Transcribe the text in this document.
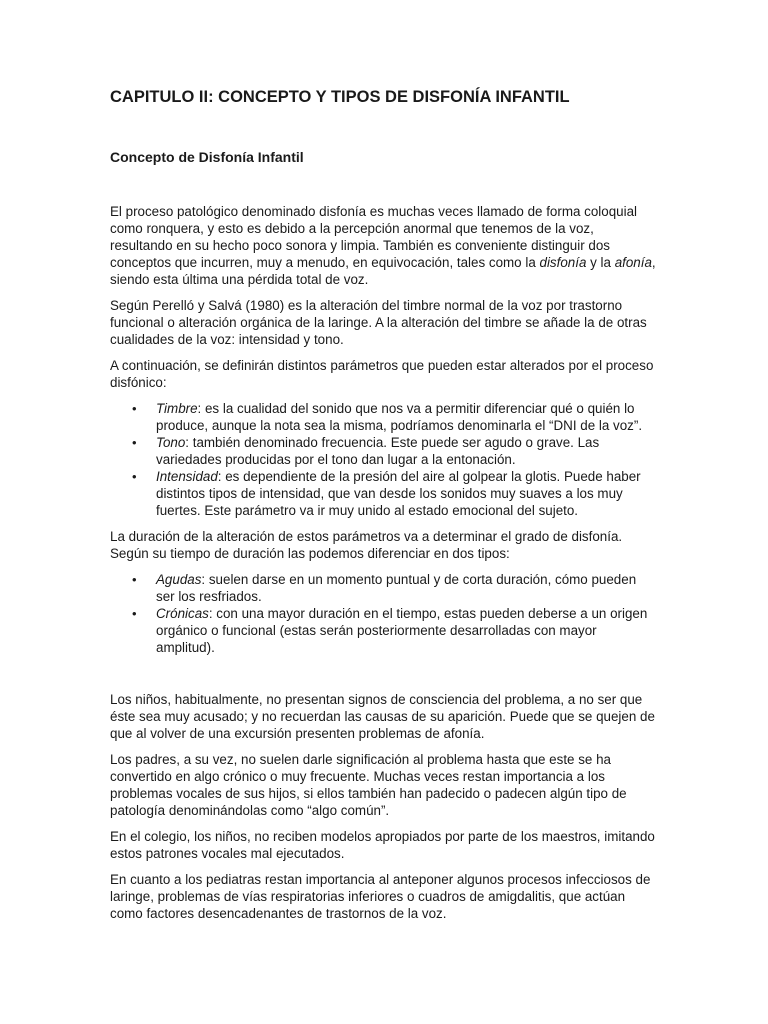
CAPITULO II: CONCEPTO Y TIPOS DE DISFONÍA INFANTIL
Concepto de Disfonía Infantil

El proceso patológico denominado disfonía es muchas veces llamado de forma coloquial como ronquera, y esto es debido a la percepción anormal que tenemos de la voz, resultando en su hecho poco sonora y limpia. También es conveniente distinguir dos conceptos que incurren, muy a menudo, en equivocación, tales como la disfonía y la afonía, siendo esta última una pérdida total de voz.

Según Perelló y Salvá (1980) es la alteración del timbre normal de la voz por trastorno funcional o alteración orgánica de la laringe. A la alteración del timbre se añade la de otras cualidades de la voz: intensidad y tono.

A continuación, se definirán distintos parámetros que pueden estar alterados por el proceso disfónico:

• Timbre: es la cualidad del sonido que nos va a permitir diferenciar qué o quién lo produce, aunque la nota sea la misma, podríamos denominarla el “DNI de la voz”.
• Tono: también denominado frecuencia. Este puede ser agudo o grave. Las variedades producidas por el tono dan lugar a la entonación.
• Intensidad: es dependiente de la presión del aire al golpear la glotis. Puede haber distintos tipos de intensidad, que van desde los sonidos muy suaves a los muy fuertes. Este parámetro va ir muy unido al estado emocional del sujeto.

La duración de la alteración de estos parámetros va a determinar el grado de disfonía. Según su tiempo de duración las podemos diferenciar en dos tipos:

• Agudas: suelen darse en un momento puntual y de corta duración, cómo pueden ser los resfriados.
• Crónicas: con una mayor duración en el tiempo, estas pueden deberse a un origen orgánico o funcional (estas serán posteriormente desarrolladas con mayor amplitud).

Los niños, habitualmente, no presentan signos de consciencia del problema, a no ser que éste sea muy acusado; y no recuerdan las causas de su aparición. Puede que se quejen de que al volver de una excursión presenten problemas de afonía.

Los padres, a su vez, no suelen darle significación al problema hasta que este se ha convertido en algo crónico o muy frecuente. Muchas veces restan importancia a los problemas vocales de sus hijos, si ellos también han padecido o padecen algún tipo de patología denominándolas como “algo común”.

En el colegio, los niños, no reciben modelos apropiados por parte de los maestros, imitando estos patrones vocales mal ejecutados.

En cuanto a los pediatras restan importancia al anteponer algunos procesos infecciosos de laringe, problemas de vías respiratorias inferiores o cuadros de amigdalitis, que actúan como factores desencadenantes de trastornos de la voz.
